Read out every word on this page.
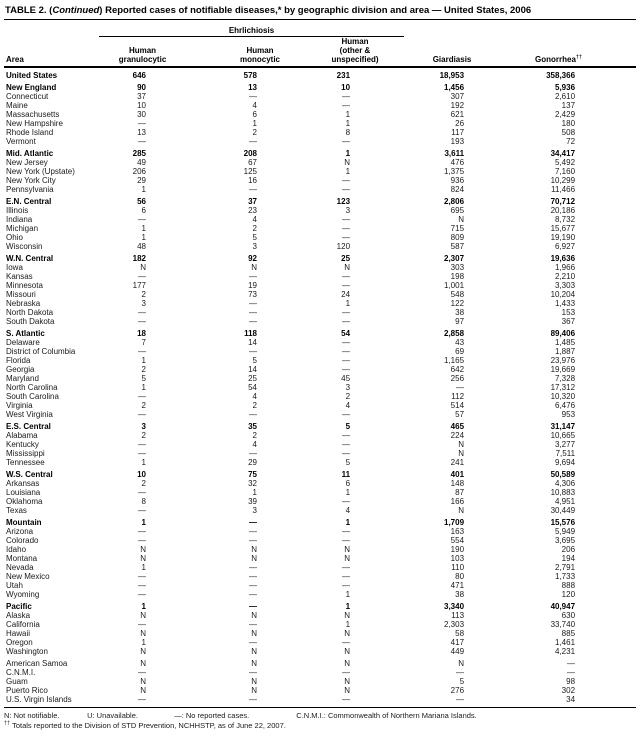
TABLE 2. (Continued) Reported cases of notifiable diseases,* by geographic division and area — United States, 2006
	Ehrlichiosis				
Area	
Human
granulocytic

Human
monocytic

Human
(other &
unspecified)	Giardiasis	Gonorrhea††

United States	646	578	231	18,953	358,366
New England	90	13	10	1,456	5,936
Connecticut	37	—	—	307	2,610
Maine	10	4	—	192	137
Massachusetts	30	6	1	621	2,429
New Hampshire	—	1	1	26	180
Rhode Island	13	2	8	117	508
Vermont	—	—	—	193	72
Mid. Atlantic	285	208	1	3,611	34,417
New Jersey	49	67	N	476	5,492
New York (Upstate)	206	125	1	1,375	7,160
New York City	29	16	—	936	10,299
Pennsylvania	1	—	—	824	11,466
E.N. Central	56	37	123	2,806	70,712
Illinois	6	23	3	695	20,186
Indiana	—	4	—	N	8,732
Michigan	1	2	—	715	15,677
Ohio	1	5	—	809	19,190
Wisconsin	48	3	120	587	6,927
W.N. Central	182	92	25	2,307	19,636
Iowa	N	N	N	303	1,966
Kansas	—	—	—	198	2,210
Minnesota	177	19	—	1,001	3,303
Missouri	2	73	24	548	10,204
Nebraska	3	—	1	122	1,433
North Dakota	—	—	—	38	153
South Dakota	—	—	—	97	367
S. Atlantic	18	118	54	2,858	89,406
Delaware	7	14	—	43	1,485
District of Columbia	—	—	—	69	1,887
Florida	1	5	—	1,165	23,976
Georgia	2	14	—	642	19,669
Maryland	5	25	45	256	7,328
North Carolina	1	54	3	—	17,312
South Carolina	—	4	2	112	10,320
Virginia	2	2	4	514	6,476
West Virginia	—	—	—	57	953
E.S. Central	3	35	5	465	31,147
Alabama	2	2	—	224	10,665
Kentucky	—	4	—	N	3,277
Mississippi	—	—	—	N	7,511
Tennessee	1	29	5	241	9,694
W.S. Central	10	75	11	401	50,589
Arkansas	2	32	6	148	4,306
Louisiana	—	1	1	87	10,883
Oklahoma	8	39	—	166	4,951
Texas	—	3	4	N	30,449
Mountain	1	—	1	1,709	15,576
Arizona	—	—	—	163	5,949
Colorado	—	—	—	554	3,695
Idaho	N	N	N	190	206
Montana	N	N	N	103	194
Nevada	1	—	—	110	2,791
New Mexico	—	—	—	80	1,733
Utah	—	—	—	471	888
Wyoming	—	—	1	38	120
Pacific	1	—	1	3,340	40,947
Alaska	N	N	N	113	630
California	—	—	1	2,303	33,740
Hawaii	N	N	N	58	885
Oregon	1	—	—	417	1,461
Washington	N	N	N	449	4,231
American Samoa	N	N	N	N	—
C.N.M.I.	—	—	—	—	—
Guam	N	N	N	5	98
Puerto Rico	N	N	N	276	302
U.S. Virgin Islands	—	—	—	—	34
N: Not notifiable.	U: Unavailable.	—: No reported cases.	C.N.M.I.: Commonwealth of Northern Mariana Islands.
†† Totals reported to the Division of STD Prevention, NCHHSTP, as of June 22, 2007.
